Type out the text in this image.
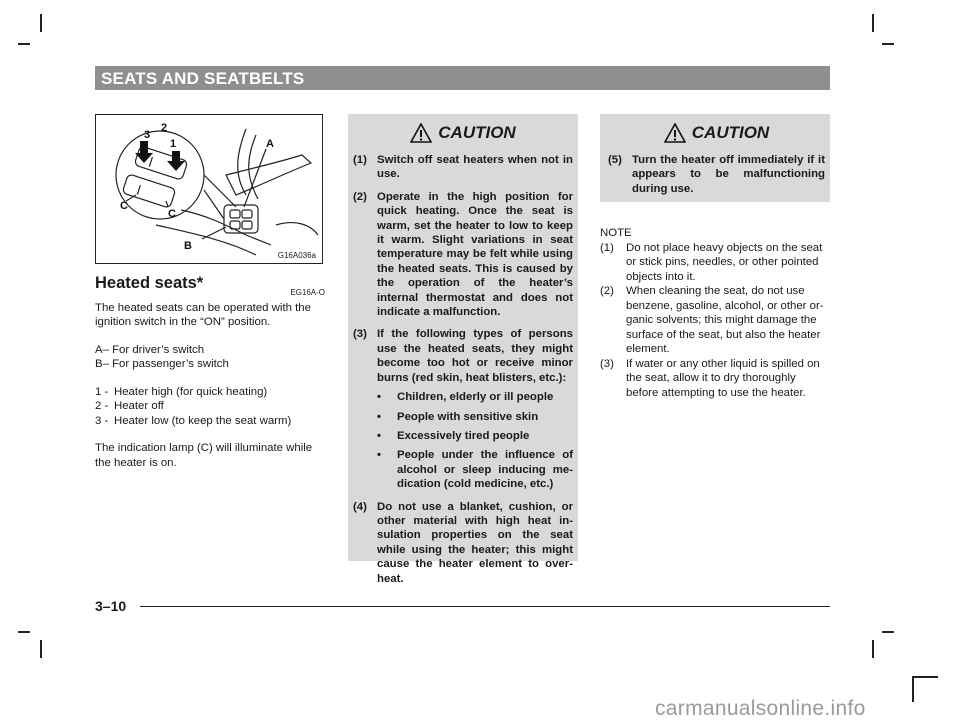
SEATS AND SEATBELTS
3
2
1	A
C
C
B
G16A036a
Heated seats*
EG16A-O

The heated seats can be operated with the ignition switch in the “ON” position.

A– For driver’s switch
B– For passenger’s switch

1 - Heater high (for quick heating)
2 - Heater off
3 - Heater low (to keep the seat warm)

The indication lamp (C) will illuminate while the heater is on.

CAUTION
(1) Switch off seat heaters when not in use.
(2) Operate in the high position for quick heating. Once the seat is warm, set the heater to low to keep it warm. Slight variations in seat temperature may be felt while using the heated seats. This is caused by the operation of the heater’s internal thermostat and does not indicate a malfunction.
(3) If the following types of persons use the heated seats, they might become too hot or receive minor burns (red skin, heat blisters, etc.):
•	Children, elderly or ill people
•	People with sensitive skin
•	Excessively tired people
•	People under the influence of alcohol or sleep inducing me- dication (cold medicine, etc.)
(4) Do not use a blanket, cushion, or other material with high heat in- sulation properties on the seat while using the heater; this might cause the heater element to over- heat.
CAUTION
(5) Turn the heater off immediately if it appears to be malfunctioning during use.
NOTE
(1)	Do not place heavy objects on the seat or stick pins, needles, or other pointed objects into it.
(2)	When cleaning the seat, do not use benzene, gasoline, alcohol, or other or- ganic solvents; this might damage the surface of the seat, but also the heater element.
(3)	If water or any other liquid is spilled on the seat, allow it to dry thoroughly before attempting to use the heater.
3–10
carmanualsonline.info
